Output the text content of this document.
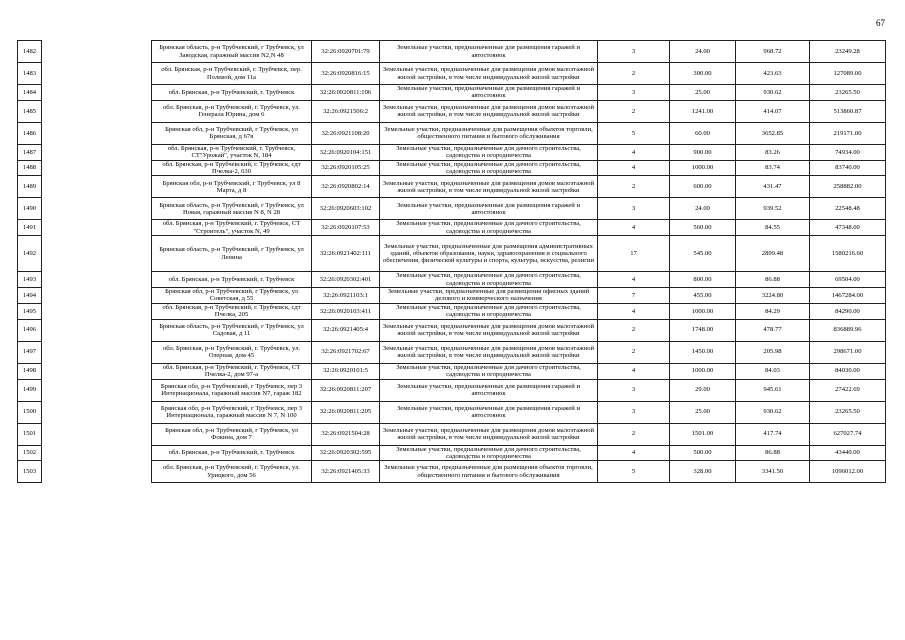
67
1482		Брянская область, р-н Трубчевский, г Трубчевск, ул Заводская, гаражный массив N2,N 48	32:26:0920701:79	Земельные участки, предназначенные для размещения гаражей и автостоянок	3	24.00	968.72	23249.28
1483		обл. Брянская, р-н Трубчевский, г. Трубчевск, пер. Полевой, дом 11а	32:26:0920816:15	Земельные участки, предназначенные для размещения домов малоэтажной жилой застройки, в том числе индивидуальной жилой застройки	2	300.00	423.63	127089.00
1484		обл. Брянская, р-н Трубчевский, г. Трубчевск	32:26:0920811:106	Земельные участки, предназначенные для размещения гаражей и автостоянок	3	25.00	930.62	23265.50
1485		обл. Брянская, р-н Трубчевский, г. Трубчевск, ул. Генерала Юрина, дом 6	32:26:0921506:2	Земельные участки, предназначенные для размещения домов малоэтажной жилой застройки, в том числе индивидуальной жилой застройки	2	1241.00	414.07	513860.87
1486		Брянская обл, р-н Трубчевский, г Трубчевск, ул Брянская, д 67в	32:26:0921108:20	Земельные участки, предназначенные для размещения объектов торговли, общественного питания и бытового обслуживания	5	60.00	3652.85	219171.00
1487		обл. Брянская, р-н Трубчевский, г. Трубчевск, СТ"Урожай", участок N, 184	32:26:0920104:151	Земельные участки, предназначенные для дачного строительства, садоводства и огородничества	4	900.00	83.26	74934.00
1488		обл. Брянская, р-н Трубчевский, г. Трубчевск, сдт Пчелка-2, 630	32:26:0920105:25	Земельные участки, предназначенные для дачного строительства, садоводства и огородничества	4	1000.00	83.74	83740.00
1489		Брянская обл, р-н Трубчевский, г Трубчевск, ул 8 Марта, д 8	32:26:0920802:14	Земельные участки, предназначенные для размещения домов малоэтажной жилой застройки, в том числе индивидуальной жилой застройки	2	600.00	431.47	258882.00
1490		Брянская область, р-н Трубчевский, г Трубчевск, ул Новая, гаражный массив N 8, N 28	32:26:0920603:102	Земельные участки, предназначенные для размещения гаражей и автостоянок	3	24.00	939.52	22548.48
1491		обл. Брянская, р-н Трубчевский, г. Трубчевск, СТ "Строитель", участок N, 49	32:26:0920107:53	Земельные участки, предназначенные для дачного строительства, садоводства и огородничества	4	560.00	84.55	47348.00
1492		Брянская область, р-н Трубчевский, г Трубчевск, ул Ленина	32:26:0921402:111	Земельные участки, предназначенные для размещения административных зданий, объектов образования, науки, здравоохранения и социального обеспечения, физической культуры и спорта, культуры, искусства, религии	17	545.00	2899.48	1580216.60
1493		обл. Брянская, р-н Трубчевский, г. Трубчевск	32:26:0920302:401	Земельные участки, предназначенные для дачного строительства, садоводства и огородничества	4	800.00	86.88	69504.00
1494		Брянская обл, р-н Трубчевский, г Трубчевск, ул Советская, д 55	32:26:0921103:1	Земельные участки, предназначенные для размещения офисных зданий делового и коммерческого назначения	7	455.00	3224.80	1467284.00
1495		обл. Брянская, р-н Трубчевский, г. Трубчевск, сдт Пчелка, 205	32:26:0920103:411	Земельные участки, предназначенные для дачного строительства, садоводства и огородничества	4	1000.00	84.29	84290.00
1496		Брянская область, р-н Трубчевский, г Трубчевск, ул Садовая, д 11	32:26:0921405:4	Земельные участки, предназначенные для размещения домов малоэтажной жилой застройки, в том числе индивидуальной жилой застройки	2	1748.00	478.77	836889.96
1497		обл. Брянская, р-н Трубчевский, г. Трубчевск, ул. Озерная, дом 45	32:26:0921702:67	Земельные участки, предназначенные для размещения домов малоэтажной жилой застройки, в том числе индивидуальной жилой застройки	2	1450.00	205.98	298671.00
1498		обл. Брянская, р-н Трубчевский, г. Трубчевск, СТ Пчелка-2, дом 97-а	32:26:0920101:5	Земельные участки, предназначенные для дачного строительства, садоводства и огородничества	4	1000.00	84.03	84030.00
1499		Брянская обл, р-н Трубчевский, г Трубчевск, пер 3 Интернационала, гаражный массив N7, гараж 182	32:26:0920811:207	Земельные участки, предназначенные для размещения гаражей и автостоянок	3	29.00	945.61	27422.69
1500		Брянская обл, р-н Трубчевский, г Трубчевск, пер 3 Интернационала, гаражный массив N 7, N 100	32:26:0920811:205	Земельные участки, предназначенные для размещения гаражей и автостоянок	3	25.00	930.62	23265.50
1501		Брянская обл, р-н Трубчевский, г Трубчевск, ул Фокина, дом 7	32:26:0921504:28	Земельные участки, предназначенные для размещения домов малоэтажной жилой застройки, в том числе индивидуальной жилой застройки	2	1501.00	417.74	627027.74
1502		обл. Брянская, р-н Трубчевский, г. Трубчевск	32:26:0920302:595	Земельные участки, предназначенные для дачного строительства, садоводства и огородничества	4	500.00	86.88	43440.00
1503		обл. Брянская, р-н Трубчевский, г. Трубчевск, ул. Урицкого, дом 56	32:26:0921405:33	Земельные участки, предназначенные для размещения объектов торговли, общественного питания и бытового обслуживания	5	328.00	3341.50	1096012.00
